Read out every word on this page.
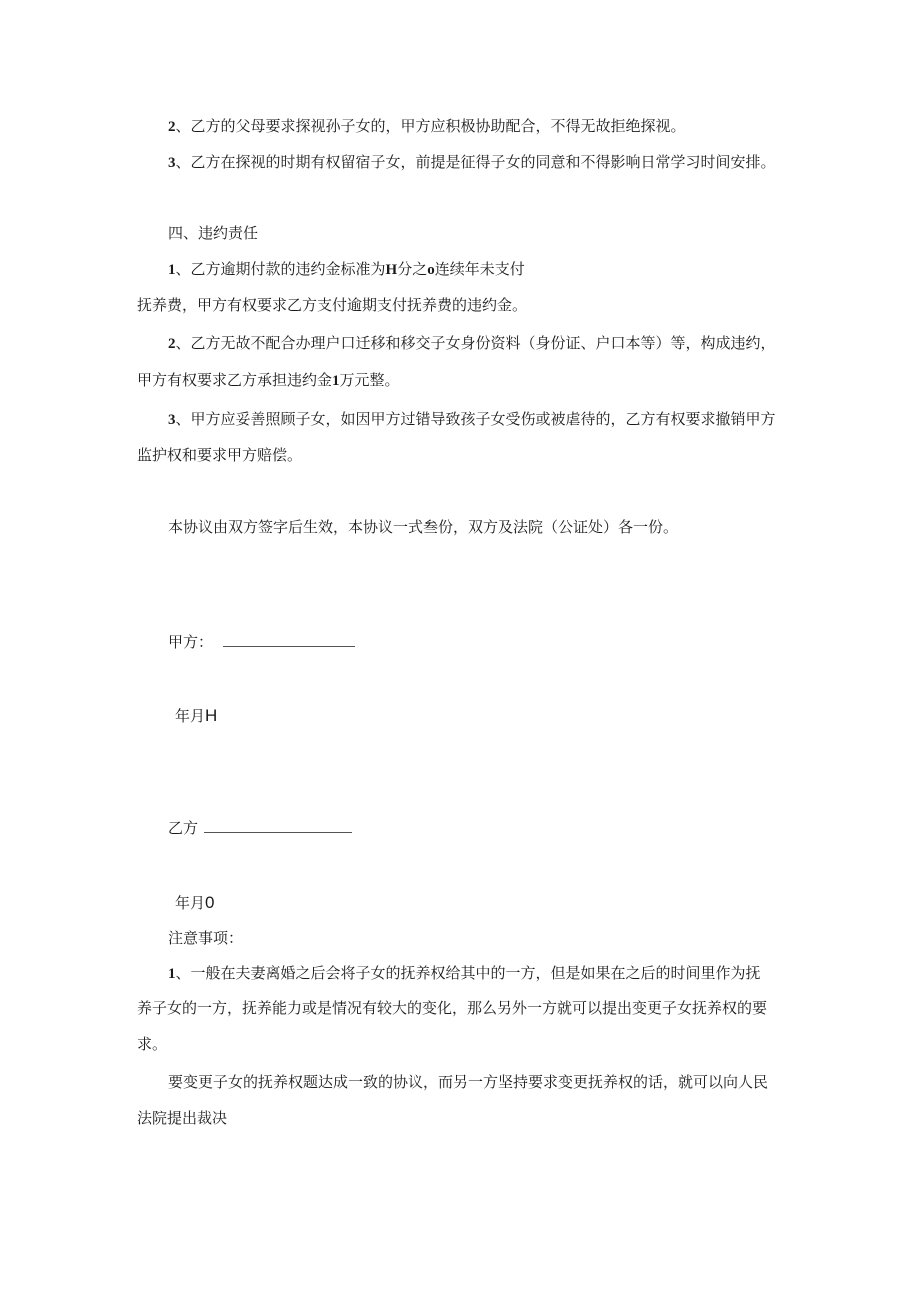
2、乙方的父母要求探视孙子女的，甲方应积极协助配合，不得无故拒绝探视。
3、乙方在探视的时期有权留宿子女，前提是征得子女的同意和不得影响日常学习时间安排。
四、违约责任
1、乙方逾期付款的违约金标准为H分之o连续年未支付
抚养费，甲方有权要求乙方支付逾期支付抚养费的违约金。
2、乙方无故不配合办理户口迁移和移交子女身份资料（身份证、户口本等）等，构成违约，
甲方有权要求乙方承担违约金1万元整。
3、甲方应妥善照顾子女，如因甲方过错导致孩子女受伤或被虐待的，乙方有权要求撤销甲方
监护权和要求甲方赔偿。
本协议由双方签字后生效，本协议一式叁份，双方及法院（公证处）各一份。
甲方：
年月H
乙方
年月0
注意事项：
1、一般在夫妻离婚之后会将子女的抚养权给其中的一方，但是如果在之后的时间里作为抚
养子女的一方，抚养能力或是情况有较大的变化，那么另外一方就可以提出变更子女抚养权的要
求。
要变更子女的抚养权题达成一致的协议，而另一方坚持要求变更抚养权的话，就可以向人民
法院提出裁决
